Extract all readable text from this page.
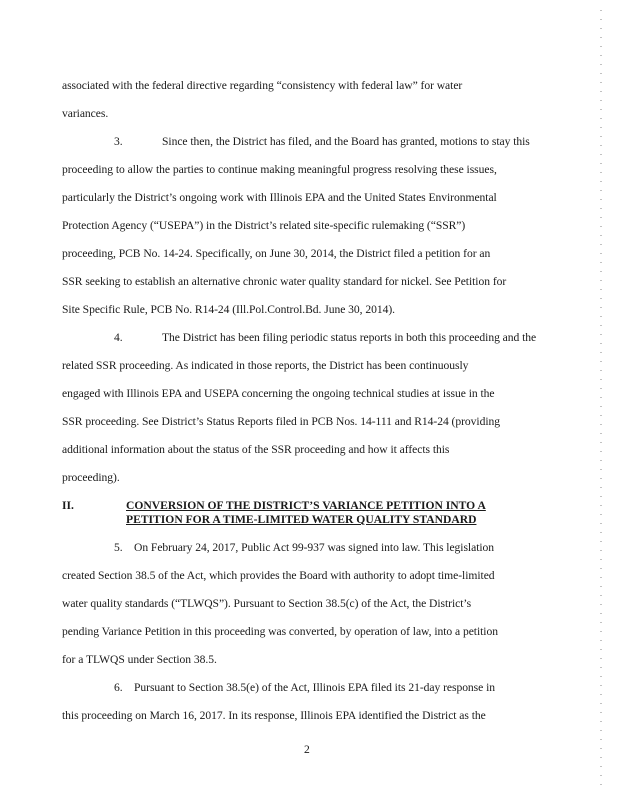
associated with the federal directive regarding “consistency with federal law” for water
variances.
3.	Since then, the District has filed, and the Board has granted, motions to stay this
proceeding to allow the parties to continue making meaningful progress resolving these issues,
particularly the District’s ongoing work with Illinois EPA and the United States Environmental
Protection Agency (“USEPA”) in the District’s related site-specific rulemaking (“SSR”)
proceeding, PCB No. 14-24. Specifically, on June 30, 2014, the District filed a petition for an
SSR seeking to establish an alternative chronic water quality standard for nickel. See Petition for
Site Specific Rule, PCB No. R14-24 (Ill.Pol.Control.Bd. June 30, 2014).
4.	The District has been filing periodic status reports in both this proceeding and the
related SSR proceeding. As indicated in those reports, the District has been continuously
engaged with Illinois EPA and USEPA concerning the ongoing technical studies at issue in the
SSR proceeding. See District’s Status Reports filed in PCB Nos. 14-111 and R14-24 (providing
additional information about the status of the SSR proceeding and how it affects this
proceeding).
II.	CONVERSION OF THE DISTRICT’S VARIANCE PETITION INTO A
PETITION FOR A TIME-LIMITED WATER QUALITY STANDARD
5. On February 24, 2017, Public Act 99-937 was signed into law. This legislation
created Section 38.5 of the Act, which provides the Board with authority to adopt time-limited
water quality standards (“TLWQS”). Pursuant to Section 38.5(c) of the Act, the District’s
pending Variance Petition in this proceeding was converted, by operation of law, into a petition
for a TLWQS under Section 38.5.
6. Pursuant to Section 38.5(e) of the Act, Illinois EPA filed its 21-day response in
this proceeding on March 16, 2017. In its response, Illinois EPA identified the District as the
2
